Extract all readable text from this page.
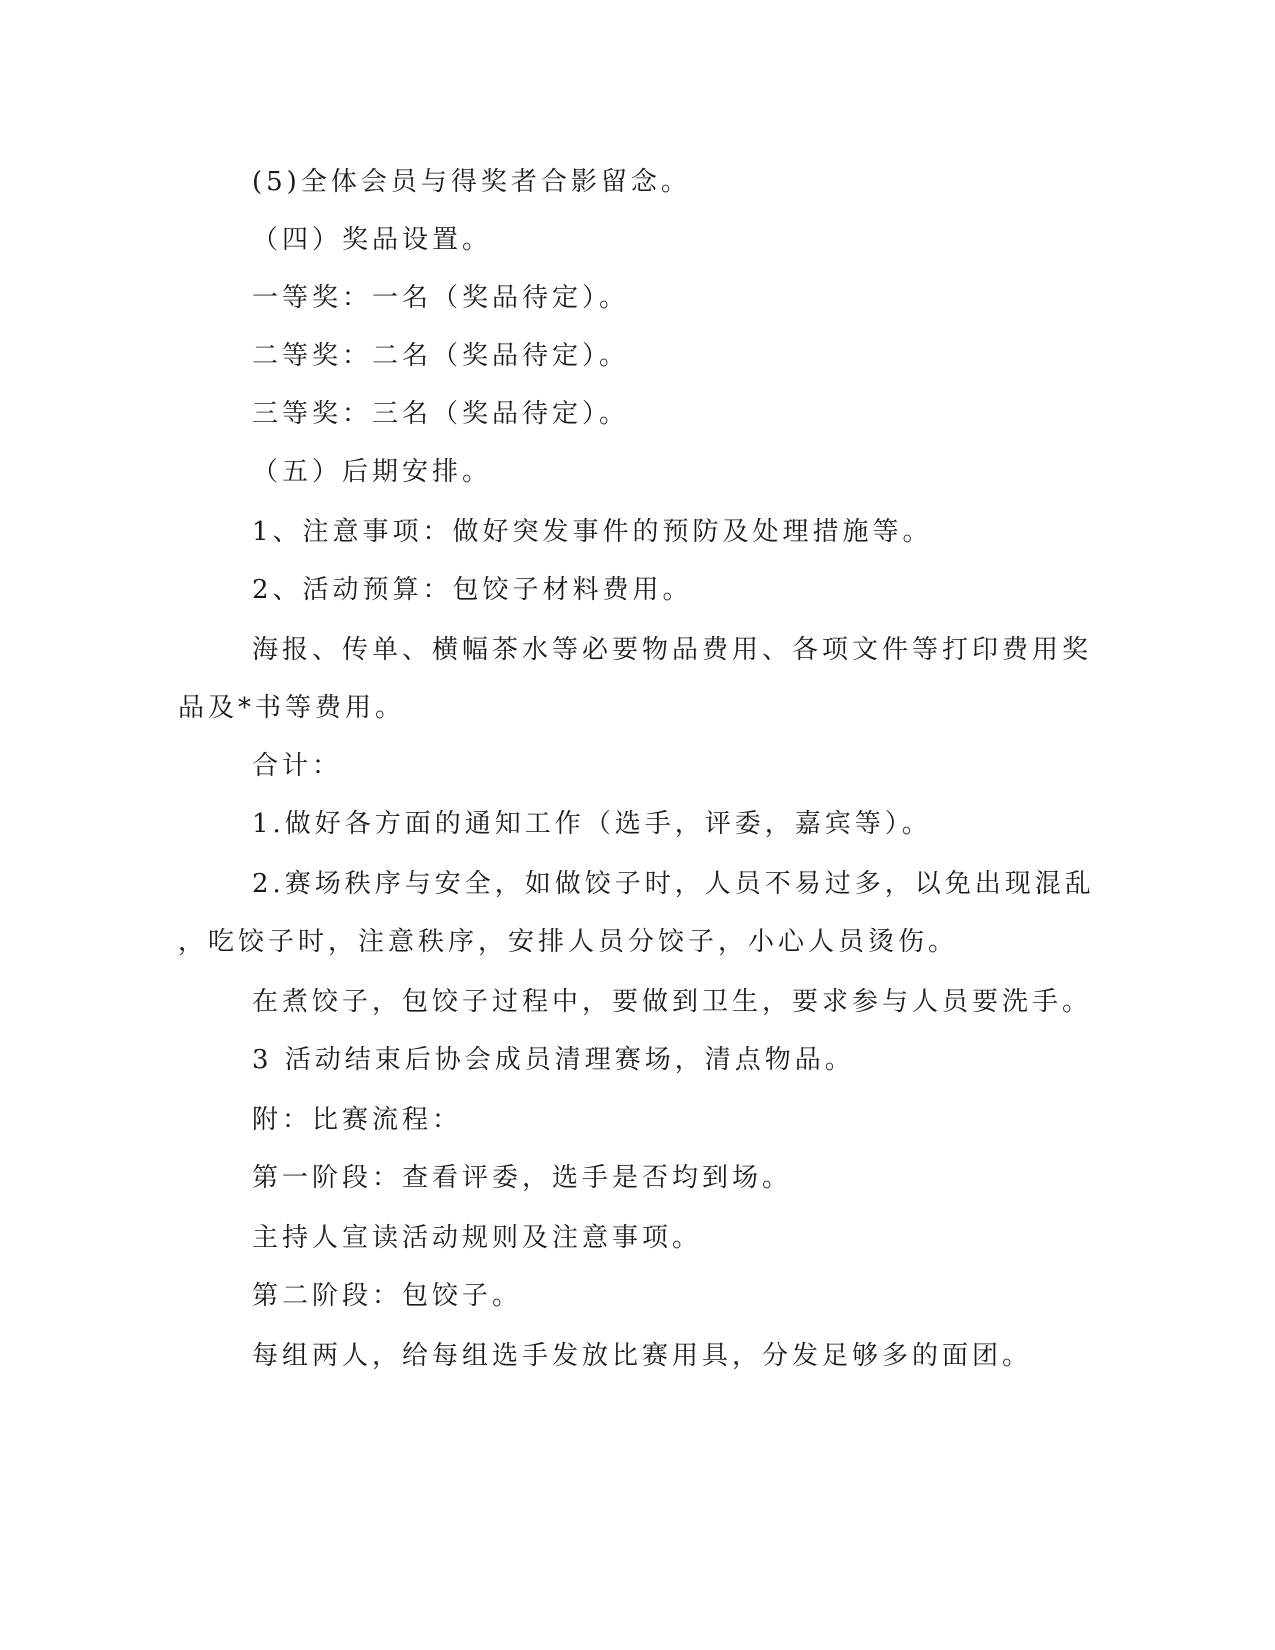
(5)全体会员与得奖者合影留念。
（四）奖品设置。
一等奖：一名（奖品待定）。
二等奖：二名（奖品待定）。
三等奖：三名（奖品待定）。
（五）后期安排。
1、注意事项：做好突发事件的预防及处理措施等。
2、活动预算：包饺子材料费用。
海报、传单、横幅茶水等必要物品费用、各项文件等打印费用奖
品及*书等费用。
合计：
1.做好各方面的通知工作（选手，评委，嘉宾等）。
2.赛场秩序与安全，如做饺子时，人员不易过多，以免出现混乱
，吃饺子时，注意秩序，安排人员分饺子，小心人员烫伤。
在煮饺子，包饺子过程中，要做到卫生，要求参与人员要洗手。
3 活动结束后协会成员清理赛场，清点物品。
附：比赛流程：
第一阶段：查看评委，选手是否均到场。
主持人宣读活动规则及注意事项。
第二阶段：包饺子。
每组两人，给每组选手发放比赛用具，分发足够多的面团。
